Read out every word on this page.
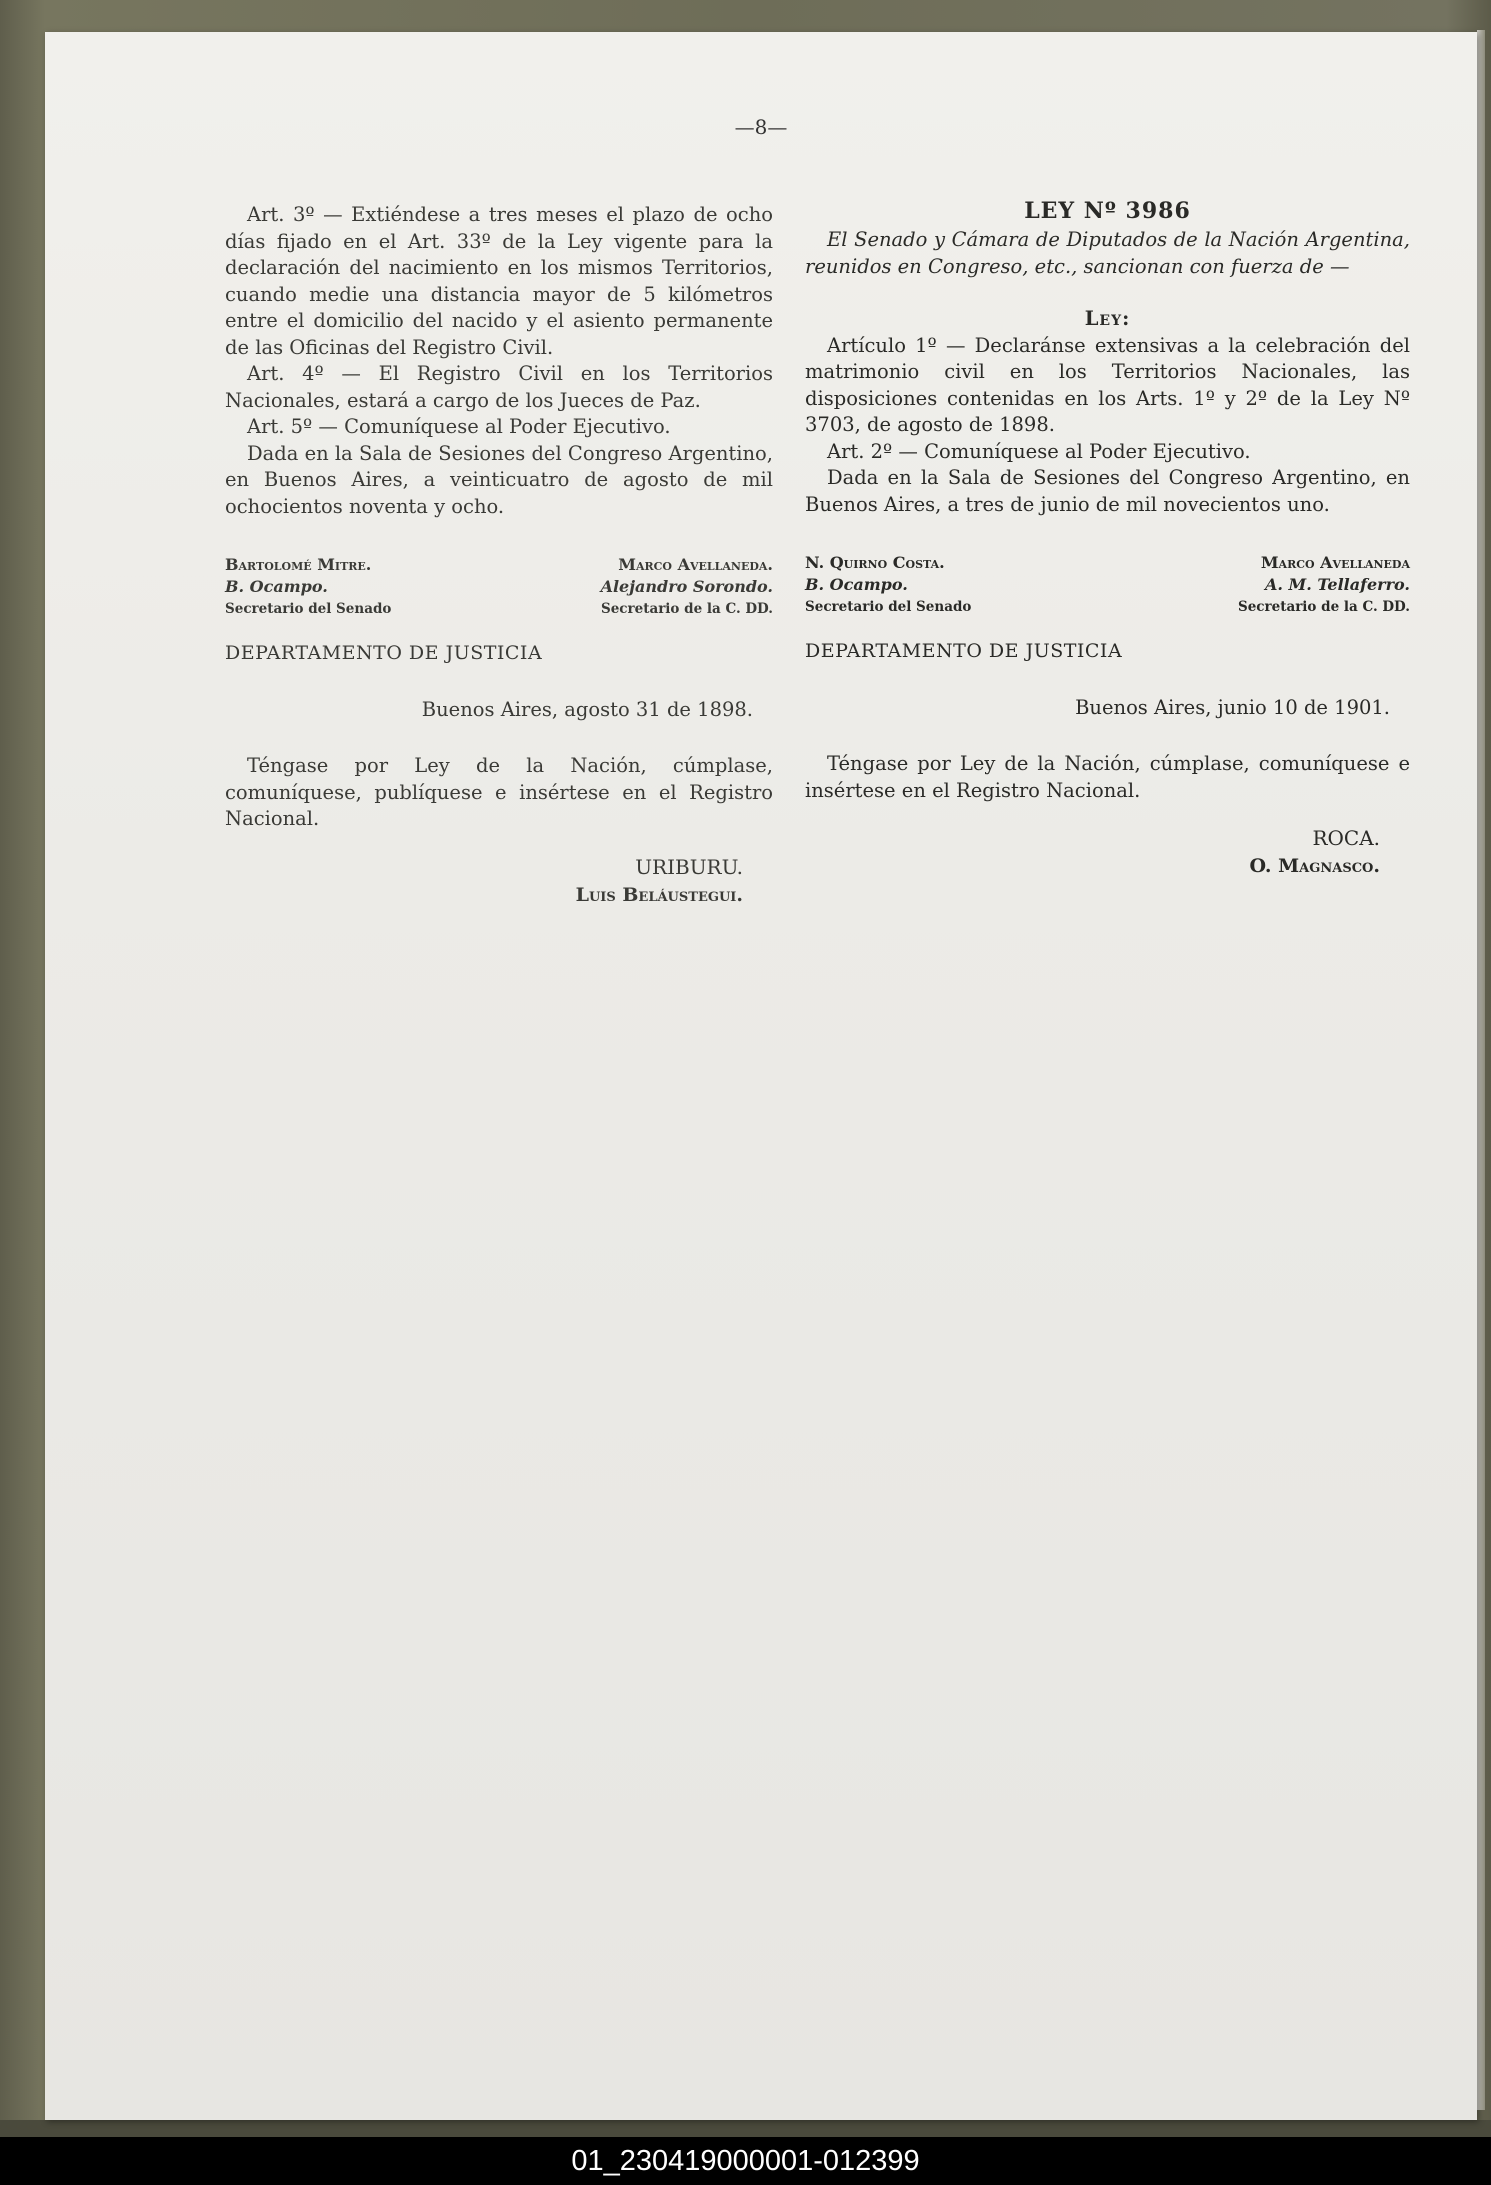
—8—

Art. 3º — Extiéndese a tres meses el plazo de ocho días fijado en el Art. 33º de la Ley vigente para la declaración del nacimiento en los mismos Territorios, cuando medie una distancia mayor de 5 kilómetros entre el domicilio del nacido y el asiento permanente de las Oficinas del Registro Civil.

Art. 4º — El Registro Civil en los Territorios Nacionales, estará a cargo de los Jueces de Paz.

Art. 5º — Comuníquese al Poder Ejecutivo.

Dada en la Sala de Sesiones del Congreso Argentino, en Buenos Aires, a veinticuatro de agosto de mil ochocientos noventa y ocho.

Bartolomé Mitre.
B. Ocampo.
Secretario del Senado
Marco Avellaneda.
Alejandro Sorondo.
Secretario de la C. DD.
DEPARTAMENTO DE JUSTICIA
Buenos Aires, agosto 31 de 1898.

Téngase por Ley de la Nación, cúmplase, comuníquese, publíquese e insértese en el Registro Nacional.

URIBURU.
Luis Beláustegui.
LEY Nº 3986

El Senado y Cámara de Diputados de la Nación Argentina, reunidos en Congreso, etc., sancionan con fuerza de —

Ley:

Artículo 1º — Declaránse extensivas a la celebración del matrimonio civil en los Territorios Nacionales, las disposiciones contenidas en los Arts. 1º y 2º de la Ley Nº 3703, de agosto de 1898.

Art. 2º — Comuníquese al Poder Ejecutivo.

Dada en la Sala de Sesiones del Congreso Argentino, en Buenos Aires, a tres de junio de mil novecientos uno.

N. Quirno Costa.
B. Ocampo.
Secretario del Senado
Marco Avellaneda
A. M. Tellaferro.
Secretario de la C. DD.
DEPARTAMENTO DE JUSTICIA
Buenos Aires, junio 10 de 1901.

Téngase por Ley de la Nación, cúmplase, comuníquese e insértese en el Registro Nacional.

ROCA.
O. Magnasco.
01_230419000001-012399
